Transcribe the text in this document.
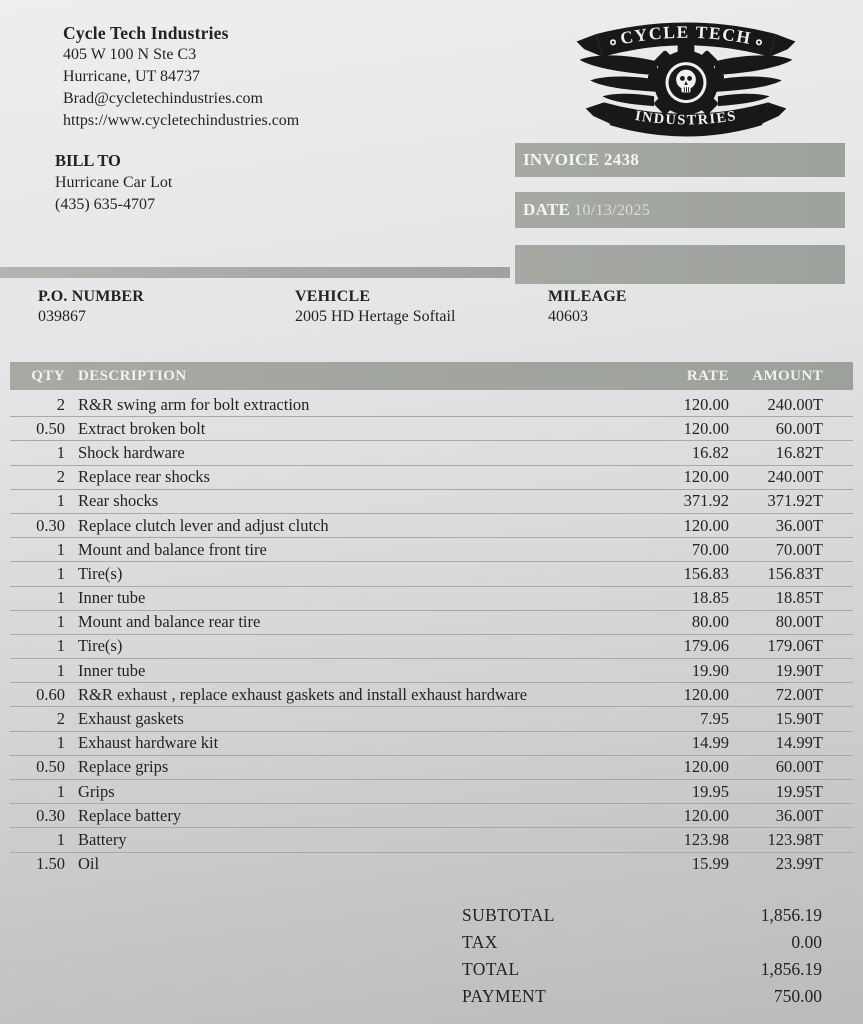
Cycle Tech Industries
405 W 100 N Ste C3
Hurricane, UT 84737
Brad@cycletechindustries.com
https://www.cycletechindustries.com
CYCLE TECH
INDUSTRIES
BILL TO
Hurricane Car Lot
(435) 635-4707
INVOICE 2438
DATE 10/13/2025
P.O. NUMBER
039867
VEHICLE
2005 HD Hertage Softail
MILEAGE
40603
QTY DESCRIPTION	RATE	AMOUNT
2 R&R swing arm for bolt extraction	120.00	240.00T
0.50 Extract broken bolt	120.00	60.00T
1 Shock hardware	16.82	16.82T
2 Replace rear shocks	120.00	240.00T
1 Rear shocks	371.92	371.92T
0.30 Replace clutch lever and adjust clutch	120.00	36.00T
1 Mount and balance front tire	70.00	70.00T
1 Tire(s)	156.83	156.83T
1 Inner tube	18.85	18.85T
1 Mount and balance rear tire	80.00	80.00T
1 Tire(s)	179.06	179.06T
1 Inner tube	19.90	19.90T
0.60 R&R exhaust , replace exhaust gaskets and install exhaust hardware	120.00	72.00T
2 Exhaust gaskets	7.95	15.90T
1 Exhaust hardware kit	14.99	14.99T
0.50 Replace grips	120.00	60.00T
1 Grips	19.95	19.95T
0.30 Replace battery	120.00	36.00T
1 Battery	123.98	123.98T
1.50 Oil	15.99	23.99T
SUBTOTAL	1,856.19
TAX	0.00
TOTAL	1,856.19
PAYMENT	750.00
